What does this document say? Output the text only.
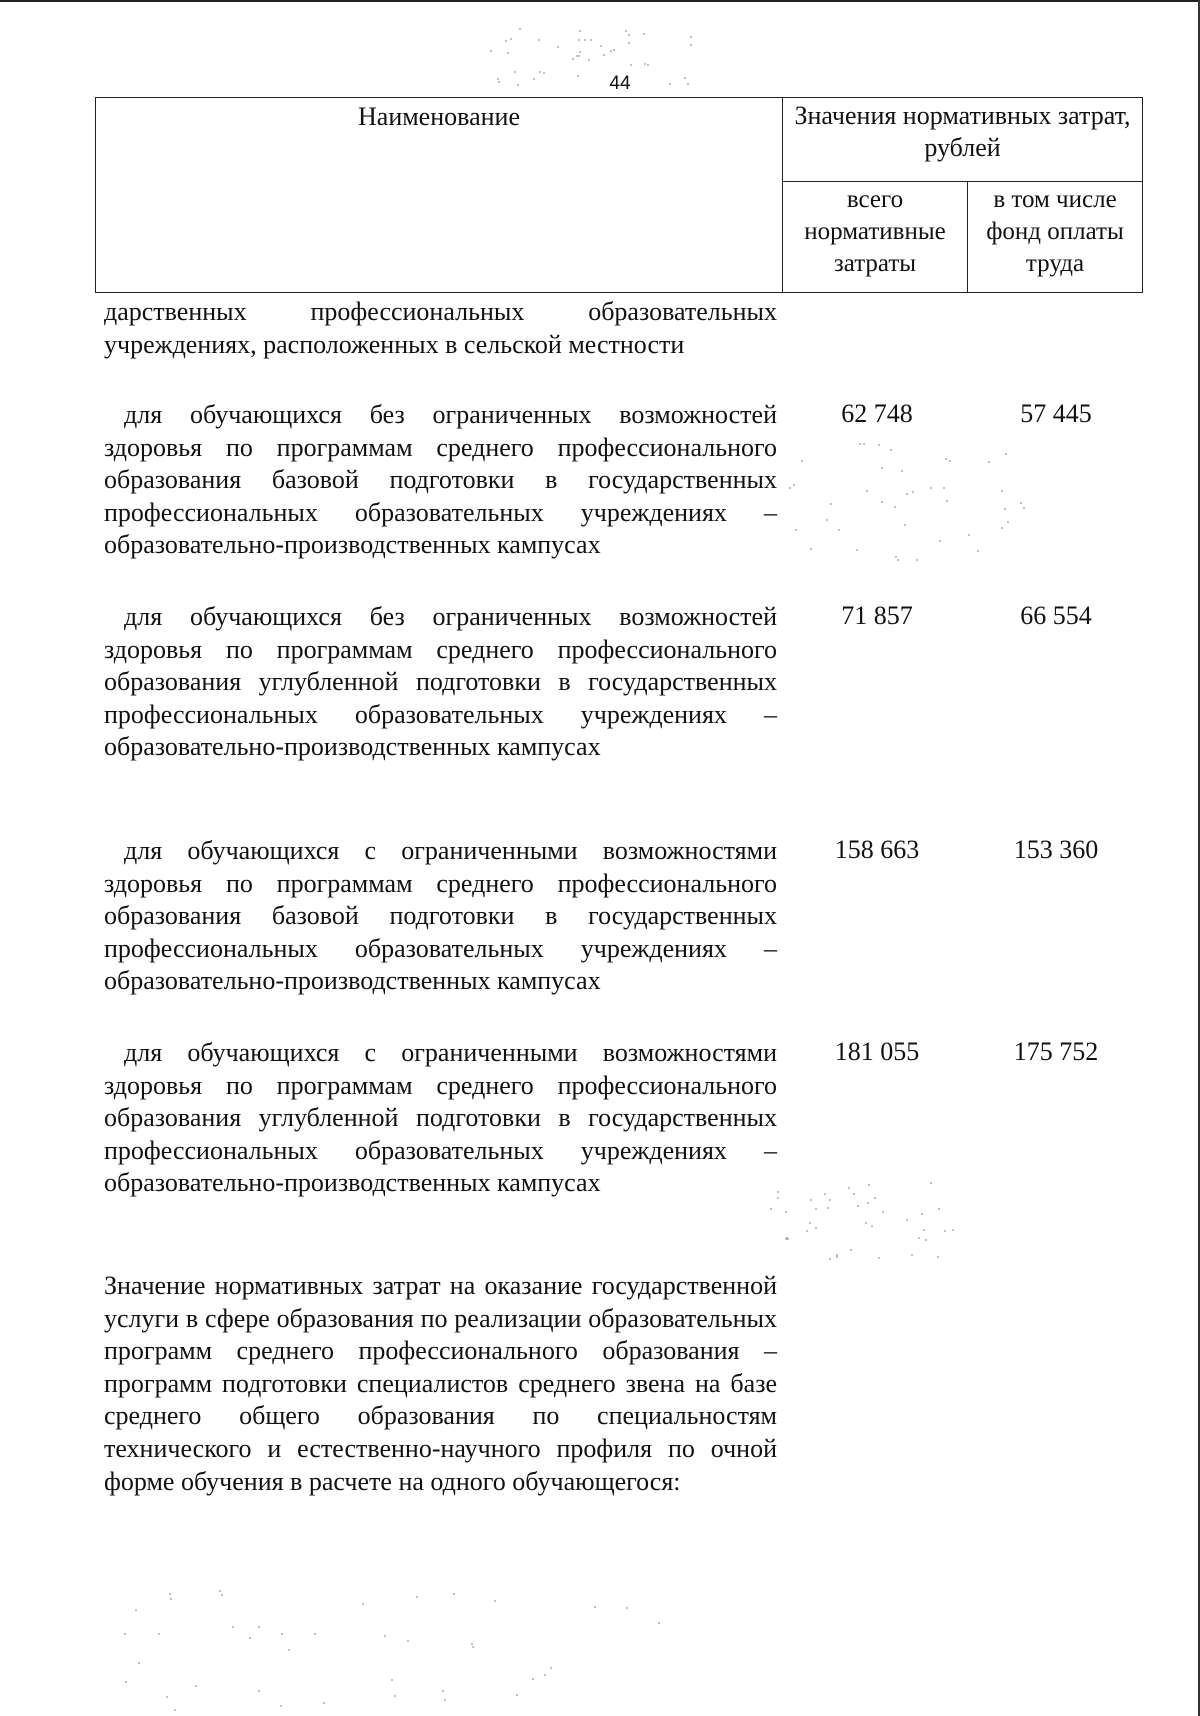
44
Наименование	Значения нормативных затрат, рублей
всего нормативные затраты
в том числе фонд оплаты труда
дарственных профессиональных образовательных учреждениях, расположенных в сельской местности
для обучающихся без ограниченных возможностей здоровья по программам среднего профессионального образования базовой подготовки в государственных профессиональных образовательных учреждениях – образовательно-производственных кампусах
62 748	57 445
для обучающихся без ограниченных возможностей здоровья по программам среднего профессионального образования углубленной подготовки в государственных профессиональных образовательных учреждениях – образовательно-производственных кампусах
71 857	66 554
для обучающихся с ограниченными возможностями здоровья по программам среднего профессионального образования базовой подготовки в государственных профессиональных образовательных учреждениях – образовательно-производственных кампусах
158 663	153 360
для обучающихся с ограниченными возможностями здоровья по программам среднего профессионального образования углубленной подготовки в государственных профессиональных образовательных учреждениях – образовательно-производственных кампусах
181 055	175 752
Значение нормативных затрат на оказание государственной услуги в сфере образования по реализации образовательных программ среднего профессионального образования – программ подготовки специалистов среднего звена на базе среднего общего образования по специальностям технического и естественно-научного профиля по очной форме обучения в расчете на одного обучающегося:
